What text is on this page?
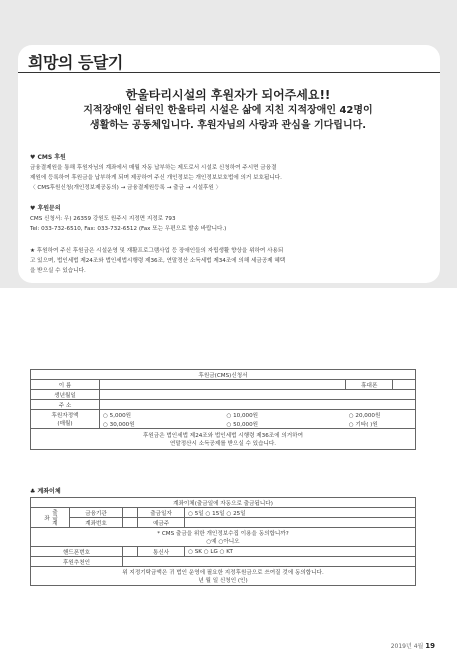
희망의 등달기
한울타리시설의 후원자가 되어주세요!!
지적장애인 쉼터인 한울타리 시설은 삶에 지친 지적장애인 42명이
생활하는 공동체입니다. 후원자님의 사랑과 관심을 기다립니다.
♥ CMS 후원
금융결제원을 통해 후원자님의 계좌에서 매월 자동 납부하는 제도로서 시설로 신청하여 주시면 금융결
제원에 등록하여 후원금을 납부하게 되며 제공하여 주신 개인정보는 개인정보보호법에 의거 보호됩니다.
〈 CMS후원신청(개인정보제공동의) → 금융결제원등록 → 출금 → 시설후원 〉
♥ 후원문의
CMS 신청서: 우) 26359 강원도 원주시 지정면 지정로 793
Tel: 033-732-6510, Fax: 033-732-6512 (Fax 또는 우편으로 발송 바랍니다.)
★ 후원하여 주신 후원금은 시설운영 및 재활프로그램사업 등 장애인들의 자립생활 향상을 위하여 사용되
고 있으며, 법인세법 제24조와 법인세법시행령 제36조, 연말정산 소득세법 제34조에 의해 세금공제 혜택
을 받으실 수 있습니다.
후원금(CMS)신청서				
이 름			휴대폰	
생년월일				
주 소				
후원자정액
(매월)	○ 5,000원	○ 10,000원	○ 20,000원	
	○ 30,000원	○ 50,000원	○ 기타( )원	
후원금은 법인세법 제24조와 법인세법 시행령 제36조에 의거하여
연말정산시 소득공제를 받으실 수 있습니다.				
♣ 계좌이체
계좌이체(출금일에 자동으로 출금됩니다)				
출금계좌	금융기관		출금일자	○ 5일 ○ 15일 ○ 25일
	계좌번호		예금주	
* CMS 출금을 위한 개인정보수집 이용을 동의합니까?
○예 ○아니오				
핸드폰번호			통신사	○ SK ○ LG ○ KT
후원추천인				
위 지정기탁금액은 귀 법인 운영에 필요한 지정후원금으로 쓰여질 것에 동의합니다.
년 월 일 신청인 (인)				
2019년 4월 19
